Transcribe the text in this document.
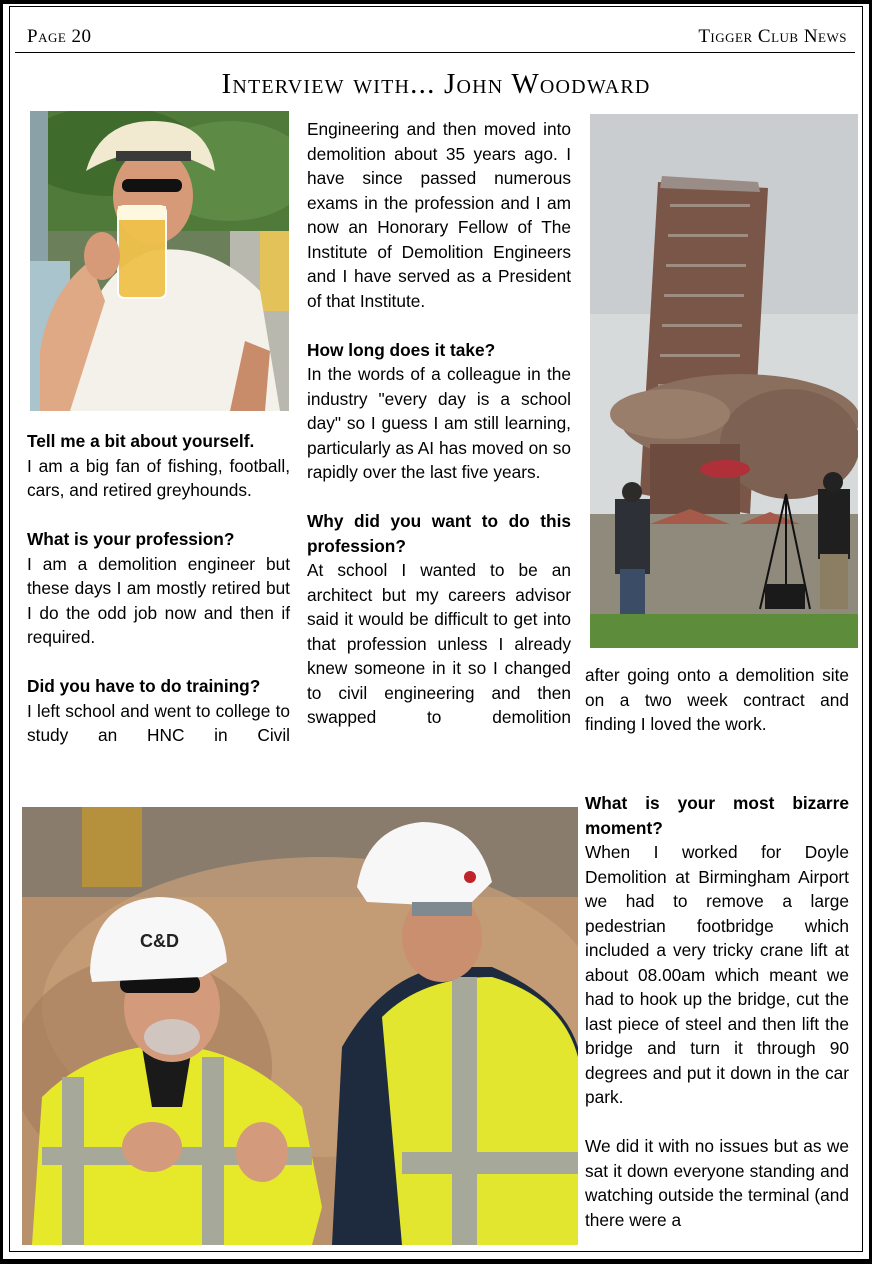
Page 20	Tigger Club News
Interview with... John Woodward

Tell me a bit about yourself.

I am a big fan of fishing, football, cars, and retired greyhounds.

What is your profession?

I am a demolition engineer but these days I am mostly retired but I do the odd job now and then if required.

Did you have to do training?

I left school and went to college to study an HNC in Civil

Engineering and then moved into demolition about 35 years ago. I have since passed numerous exams in the profession and I am now an Honorary Fellow of The Institute of Demolition Engineers and I have served as a President of that Institute.

How long does it take?

In the words of a colleague in the industry "every day is a school day" so I guess I am still learning, particularly as AI has moved on so rapidly over the last five years.

Why did you want to do this profession?

At school I wanted to be an architect but my careers advisor said it would be difficult to get into that profession unless I already knew someone in it so I changed to civil engineering and then swapped to demolition

after going onto a demolition site on a two week contract and finding I loved the work.

What is your most bizarre moment?

When I worked for Doyle Demolition at Birmingham Airport we had to remove a large pedestrian footbridge which included a very tricky crane lift at about 08.00am which meant we had to hook up the bridge, cut the last piece of steel and then lift the bridge and turn it through 90 degrees and put it down in the car park.

We did it with no issues but as we sat it down everyone standing and watching outside the terminal (and there were a

C&D
